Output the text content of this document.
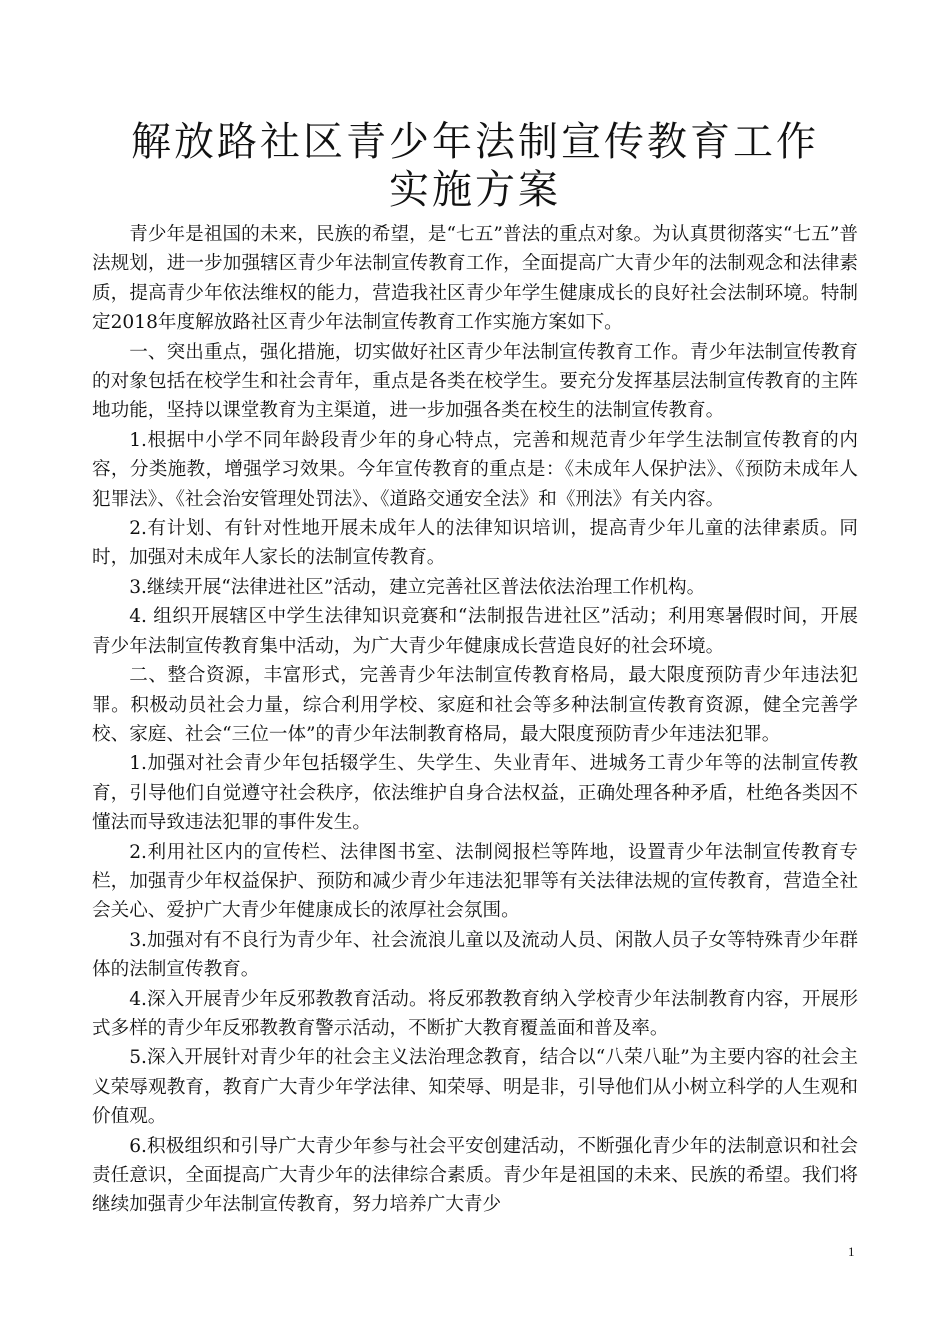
解放路社区青少年法制宣传教育工作
实施方案

青少年是祖国的未来，民族的希望，是“七五”普法的重点对象。为认真贯彻落实“七五”普法规划，进一步加强辖区青少年法制宣传教育工作，全面提高广大青少年的法制观念和法律素质，提高青少年依法维权的能力，营造我社区青少年学生健康成长的良好社会法制环境。特制定2018年度解放路社区青少年法制宣传教育工作实施方案如下。

一、突出重点，强化措施，切实做好社区青少年法制宣传教育工作。青少年法制宣传教育的对象包括在校学生和社会青年，重点是各类在校学生。要充分发挥基层法制宣传教育的主阵地功能，坚持以课堂教育为主渠道，进一步加强各类在校生的法制宣传教育。

1.根据中小学不同年龄段青少年的身心特点，完善和规范青少年学生法制宣传教育的内容，分类施教，增强学习效果。今年宣传教育的重点是：《未成年人保护法》、《预防未成年人犯罪法》、《社会治安管理处罚法》、《道路交通安全法》和《刑法》有关内容。

2.有计划、有针对性地开展未成年人的法律知识培训，提高青少年儿童的法律素质。同时，加强对未成年人家长的法制宣传教育。

3.继续开展“法律进社区”活动，建立完善社区普法依法治理工作机构。

4. 组织开展辖区中学生法律知识竞赛和“法制报告进社区”活动；利用寒暑假时间，开展青少年法制宣传教育集中活动，为广大青少年健康成长营造良好的社会环境。

二、整合资源，丰富形式，完善青少年法制宣传教育格局，最大限度预防青少年违法犯罪。积极动员社会力量，综合利用学校、家庭和社会等多种法制宣传教育资源，健全完善学校、家庭、社会“三位一体”的青少年法制教育格局，最大限度预防青少年违法犯罪。

1.加强对社会青少年包括辍学生、失学生、失业青年、进城务工青少年等的法制宣传教育，引导他们自觉遵守社会秩序，依法维护自身合法权益，正确处理各种矛盾，杜绝各类因不懂法而导致违法犯罪的事件发生。

2.利用社区内的宣传栏、法律图书室、法制阅报栏等阵地，设置青少年法制宣传教育专栏，加强青少年权益保护、预防和减少青少年违法犯罪等有关法律法规的宣传教育，营造全社会关心、爱护广大青少年健康成长的浓厚社会氛围。

3.加强对有不良行为青少年、社会流浪儿童以及流动人员、闲散人员子女等特殊青少年群体的法制宣传教育。

4.深入开展青少年反邪教教育活动。将反邪教教育纳入学校青少年法制教育内容，开展形式多样的青少年反邪教教育警示活动，不断扩大教育覆盖面和普及率。

5.深入开展针对青少年的社会主义法治理念教育，结合以“八荣八耻”为主要内容的社会主义荣辱观教育，教育广大青少年学法律、知荣辱、明是非，引导他们从小树立科学的人生观和价值观。

6.积极组织和引导广大青少年参与社会平安创建活动，不断强化青少年的法制意识和社会责任意识，全面提高广大青少年的法律综合素质。青少年是祖国的未来、民族的希望。我们将继续加强青少年法制宣传教育，努力培养广大青少

1
